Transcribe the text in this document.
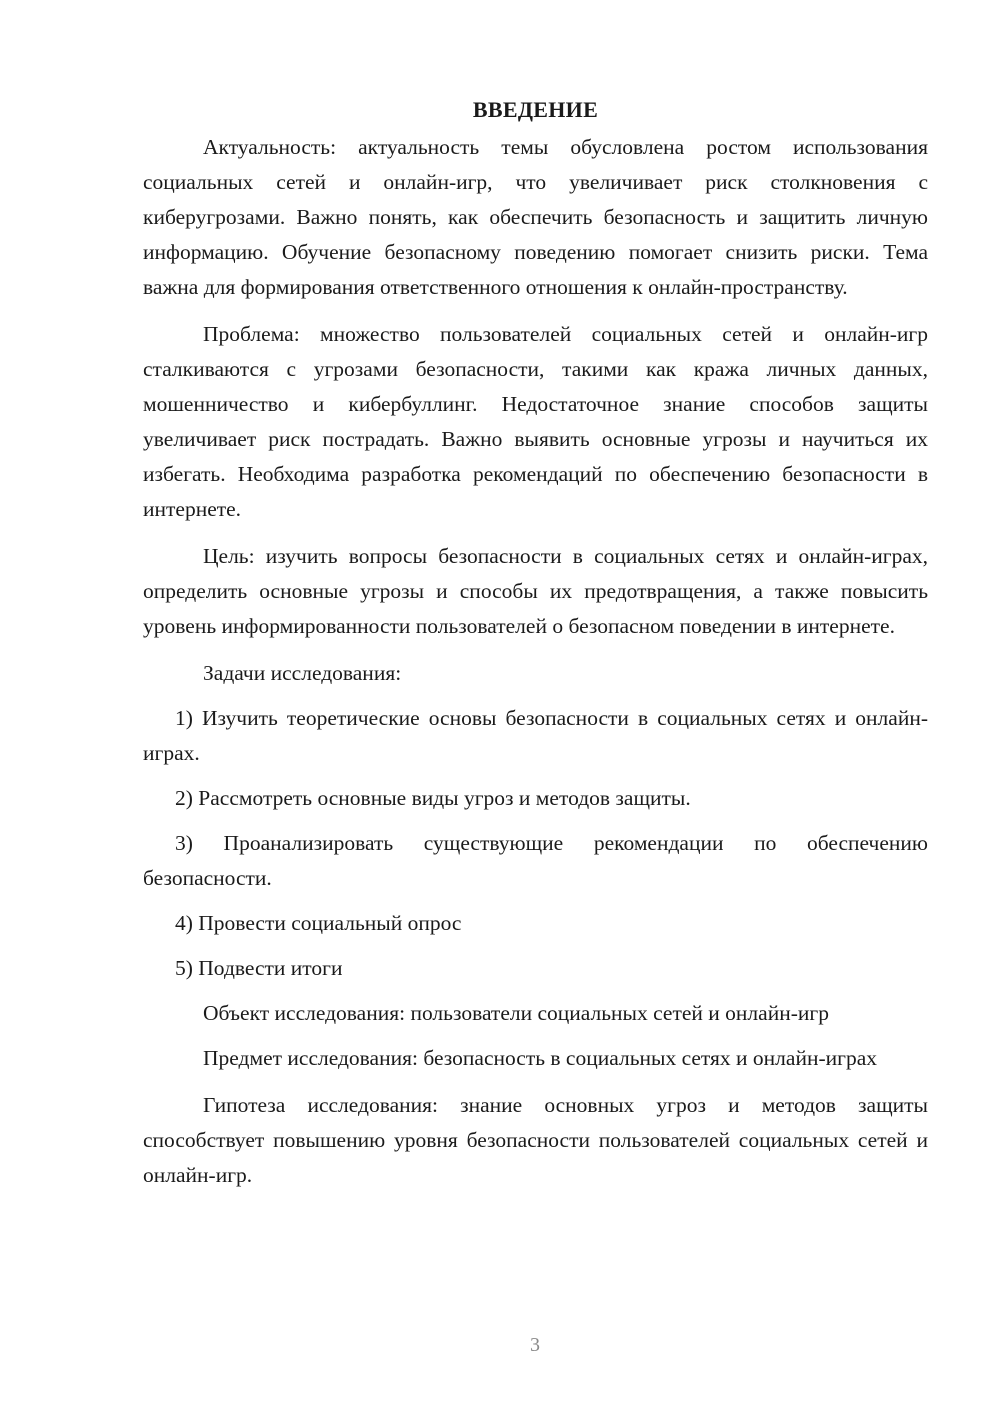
ВВЕДЕНИЕ

Актуальность: актуальность темы обусловлена ростом использования социальных сетей и онлайн-игр, что увеличивает риск столкновения с киберугрозами. Важно понять, как обеспечить безопасность и защитить личную информацию. Обучение безопасному поведению помогает снизить риски. Тема важна для формирования ответственного отношения к онлайн-пространству.

Проблема: множество пользователей социальных сетей и онлайн-игр сталкиваются с угрозами безопасности, такими как кража личных данных, мошенничество и кибербуллинг. Недостаточное знание способов защиты увеличивает риск пострадать. Важно выявить основные угрозы и научиться их избегать. Необходима разработка рекомендаций по обеспечению безопасности в интернете.

Цель: изучить вопросы безопасности в социальных сетях и онлайн-играх, определить основные угрозы и способы их предотвращения, а также повысить уровень информированности пользователей о безопасном поведении в интернете.

Задачи исследования:

1) Изучить теоретические основы безопасности в социальных сетях и онлайн-играх.

2) Рассмотреть основные виды угроз и методов защиты.

3) Проанализировать существующие рекомендации по обеспечению безопасности.

4) Провести социальный опрос

5) Подвести итоги

Объект исследования: пользователи социальных сетей и онлайн-игр

Предмет исследования: безопасность в социальных сетях и онлайн-играх

Гипотеза исследования: знание основных угроз и методов защиты способствует повышению уровня безопасности пользователей социальных сетей и онлайн-игр.

3
